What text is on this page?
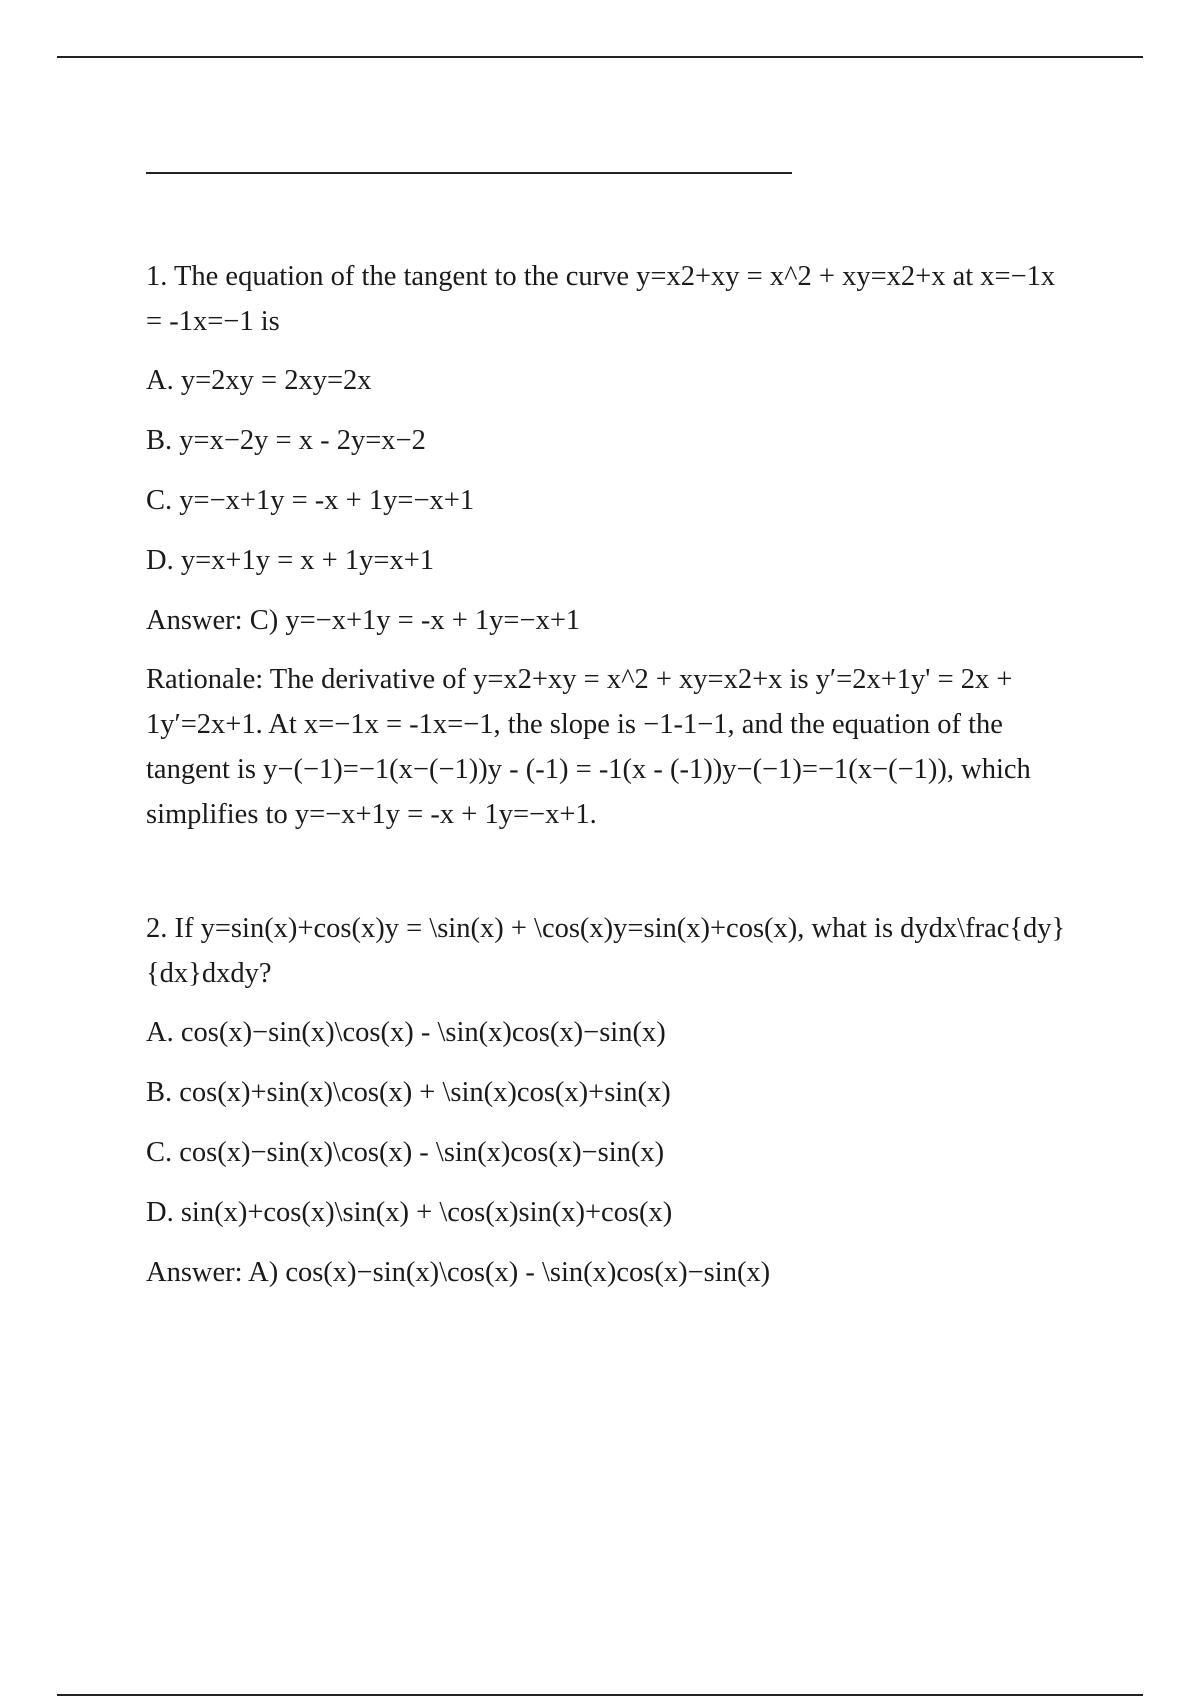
1. The equation of the tangent to the curve y=x2+xy = x^2 + xy=x2+x at x=−1x = -1x=−1 is

A. y=2xy = 2xy=2x

B. y=x−2y = x - 2y=x−2

C. y=−x+1y = -x + 1y=−x+1

D. y=x+1y = x + 1y=x+1

Answer: C) y=−x+1y = -x + 1y=−x+1

Rationale: The derivative of y=x2+xy = x^2 + xy=x2+x is y′=2x+1y' = 2x + 1y′=2x+1. At x=−1x = -1x=−1, the slope is −1-1−1, and the equation of the tangent is y−(−1)=−1(x−(−1))y - (-1) = -1(x - (-1))y−(−1)=−1(x−(−1)), which simplifies to y=−x+1y = -x + 1y=−x+1.

2. If y=sin⁡(x)+cos⁡(x)y = \sin(x) + \cos(x)y=sin(x)+cos(x), what is dydx\frac{dy}{dx}dxdy?

A. cos⁡(x)−sin⁡(x)\cos(x) - \sin(x)cos(x)−sin(x)

B. cos⁡(x)+sin⁡(x)\cos(x) + \sin(x)cos(x)+sin(x)

C. cos⁡(x)−sin⁡(x)\cos(x) - \sin(x)cos(x)−sin(x)

D. sin⁡(x)+cos⁡(x)\sin(x) + \cos(x)sin(x)+cos(x)

Answer: A) cos⁡(x)−sin⁡(x)\cos(x) - \sin(x)cos(x)−sin(x)
